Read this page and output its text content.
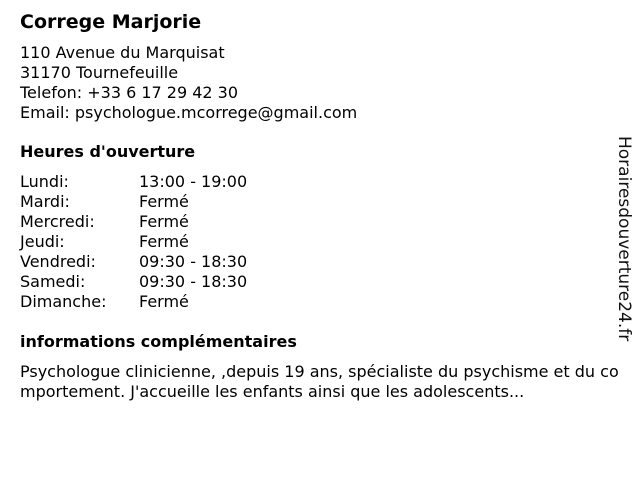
Correge Marjorie
110 Avenue du Marquisat
31170 Tournefeuille
Telefon: +33 6 17 29 42 30
Email: psychologue.mcorrege@gmail.com
Heures d'ouverture
Lundi:	13:00 - 19:00
Mardi:	Fermé
Mercredi:	Fermé
Jeudi:	Fermé
Vendredi:	09:30 - 18:30
Samedi:	09:30 - 18:30
Dimanche:	Fermé
informations complémentaires
Psychologue clinicienne, ,depuis 19 ans, spécialiste du psychisme et du comportement. J'accueille les enfants ainsi que les adolescents...
Horairesdouverture24.fr
